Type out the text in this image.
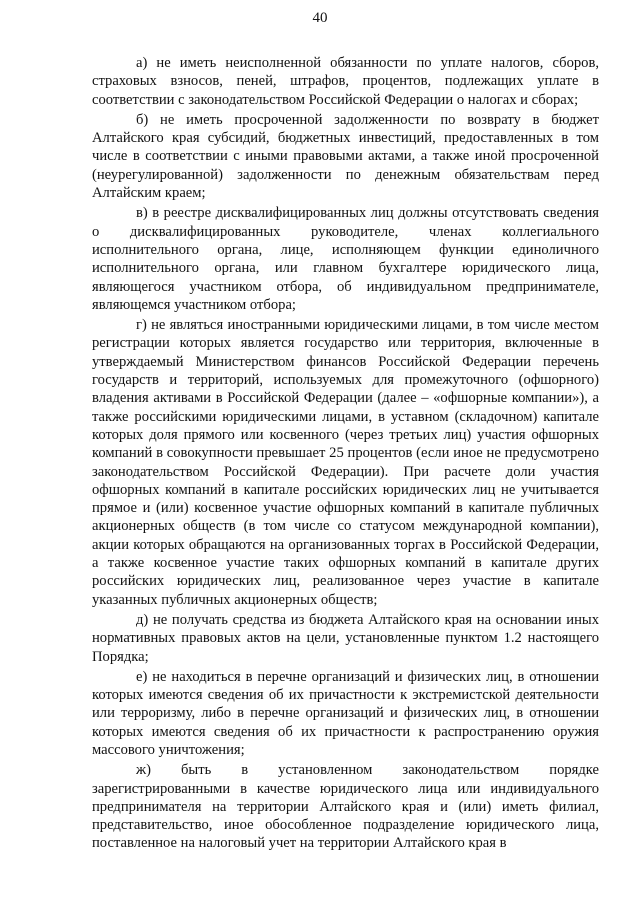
40

а) не иметь неисполненной обязанности по уплате налогов, сборов, страховых взносов, пеней, штрафов, процентов, подлежащих уплате в соответствии с законодательством Российской Федерации о налогах и сборах;

б) не иметь просроченной задолженности по возврату в бюджет Алтайского края субсидий, бюджетных инвестиций, предоставленных в том числе в соответствии с иными правовыми актами, а также иной просроченной (неурегулированной) задолженности по денежным обязательствам перед Алтайским краем;

в) в реестре дисквалифицированных лиц должны отсутствовать сведения о дисквалифицированных руководителе, членах коллегиального исполнительного органа, лице, исполняющем функции единоличного исполнительного органа, или главном бухгалтере юридического лица, являющегося участником отбора, об индивидуальном предпринимателе, являющемся участником отбора;

г) не являться иностранными юридическими лицами, в том числе местом регистрации которых является государство или территория, включенные в утверждаемый Министерством финансов Российской Федерации перечень государств и территорий, используемых для промежуточного (офшорного) владения активами в Российской Федерации (далее – «офшорные компании»), а также российскими юридическими лицами, в уставном (складочном) капитале которых доля прямого или косвенного (через третьих лиц) участия офшорных компаний в совокупности превышает 25 процентов (если иное не предусмотрено законодательством Российской Федерации). При расчете доли участия офшорных компаний в капитале российских юридических лиц не учитывается прямое и (или) косвенное участие офшорных компаний в капитале публичных акционерных обществ (в том числе со статусом международной компании), акции которых обращаются на организованных торгах в Российской Федерации, а также косвенное участие таких офшорных компаний в капитале других российских юридических лиц, реализованное через участие в капитале указанных публичных акционерных обществ;

д) не получать средства из бюджета Алтайского края на основании иных нормативных правовых актов на цели, установленные пунктом 1.2 настоящего Порядка;

е) не находиться в перечне организаций и физических лиц, в отношении которых имеются сведения об их причастности к экстремистской деятельности или терроризму, либо в перечне организаций и физических лиц, в отношении которых имеются сведения об их причастности к распространению оружия массового уничтожения;

ж) быть в установленном законодательством порядке зарегистрированными в качестве юридического лица или индивидуального предпринимателя на территории Алтайского края и (или) иметь филиал, представительство, иное обособленное подразделение юридического лица, поставленное на налоговый учет на территории Алтайского края в
